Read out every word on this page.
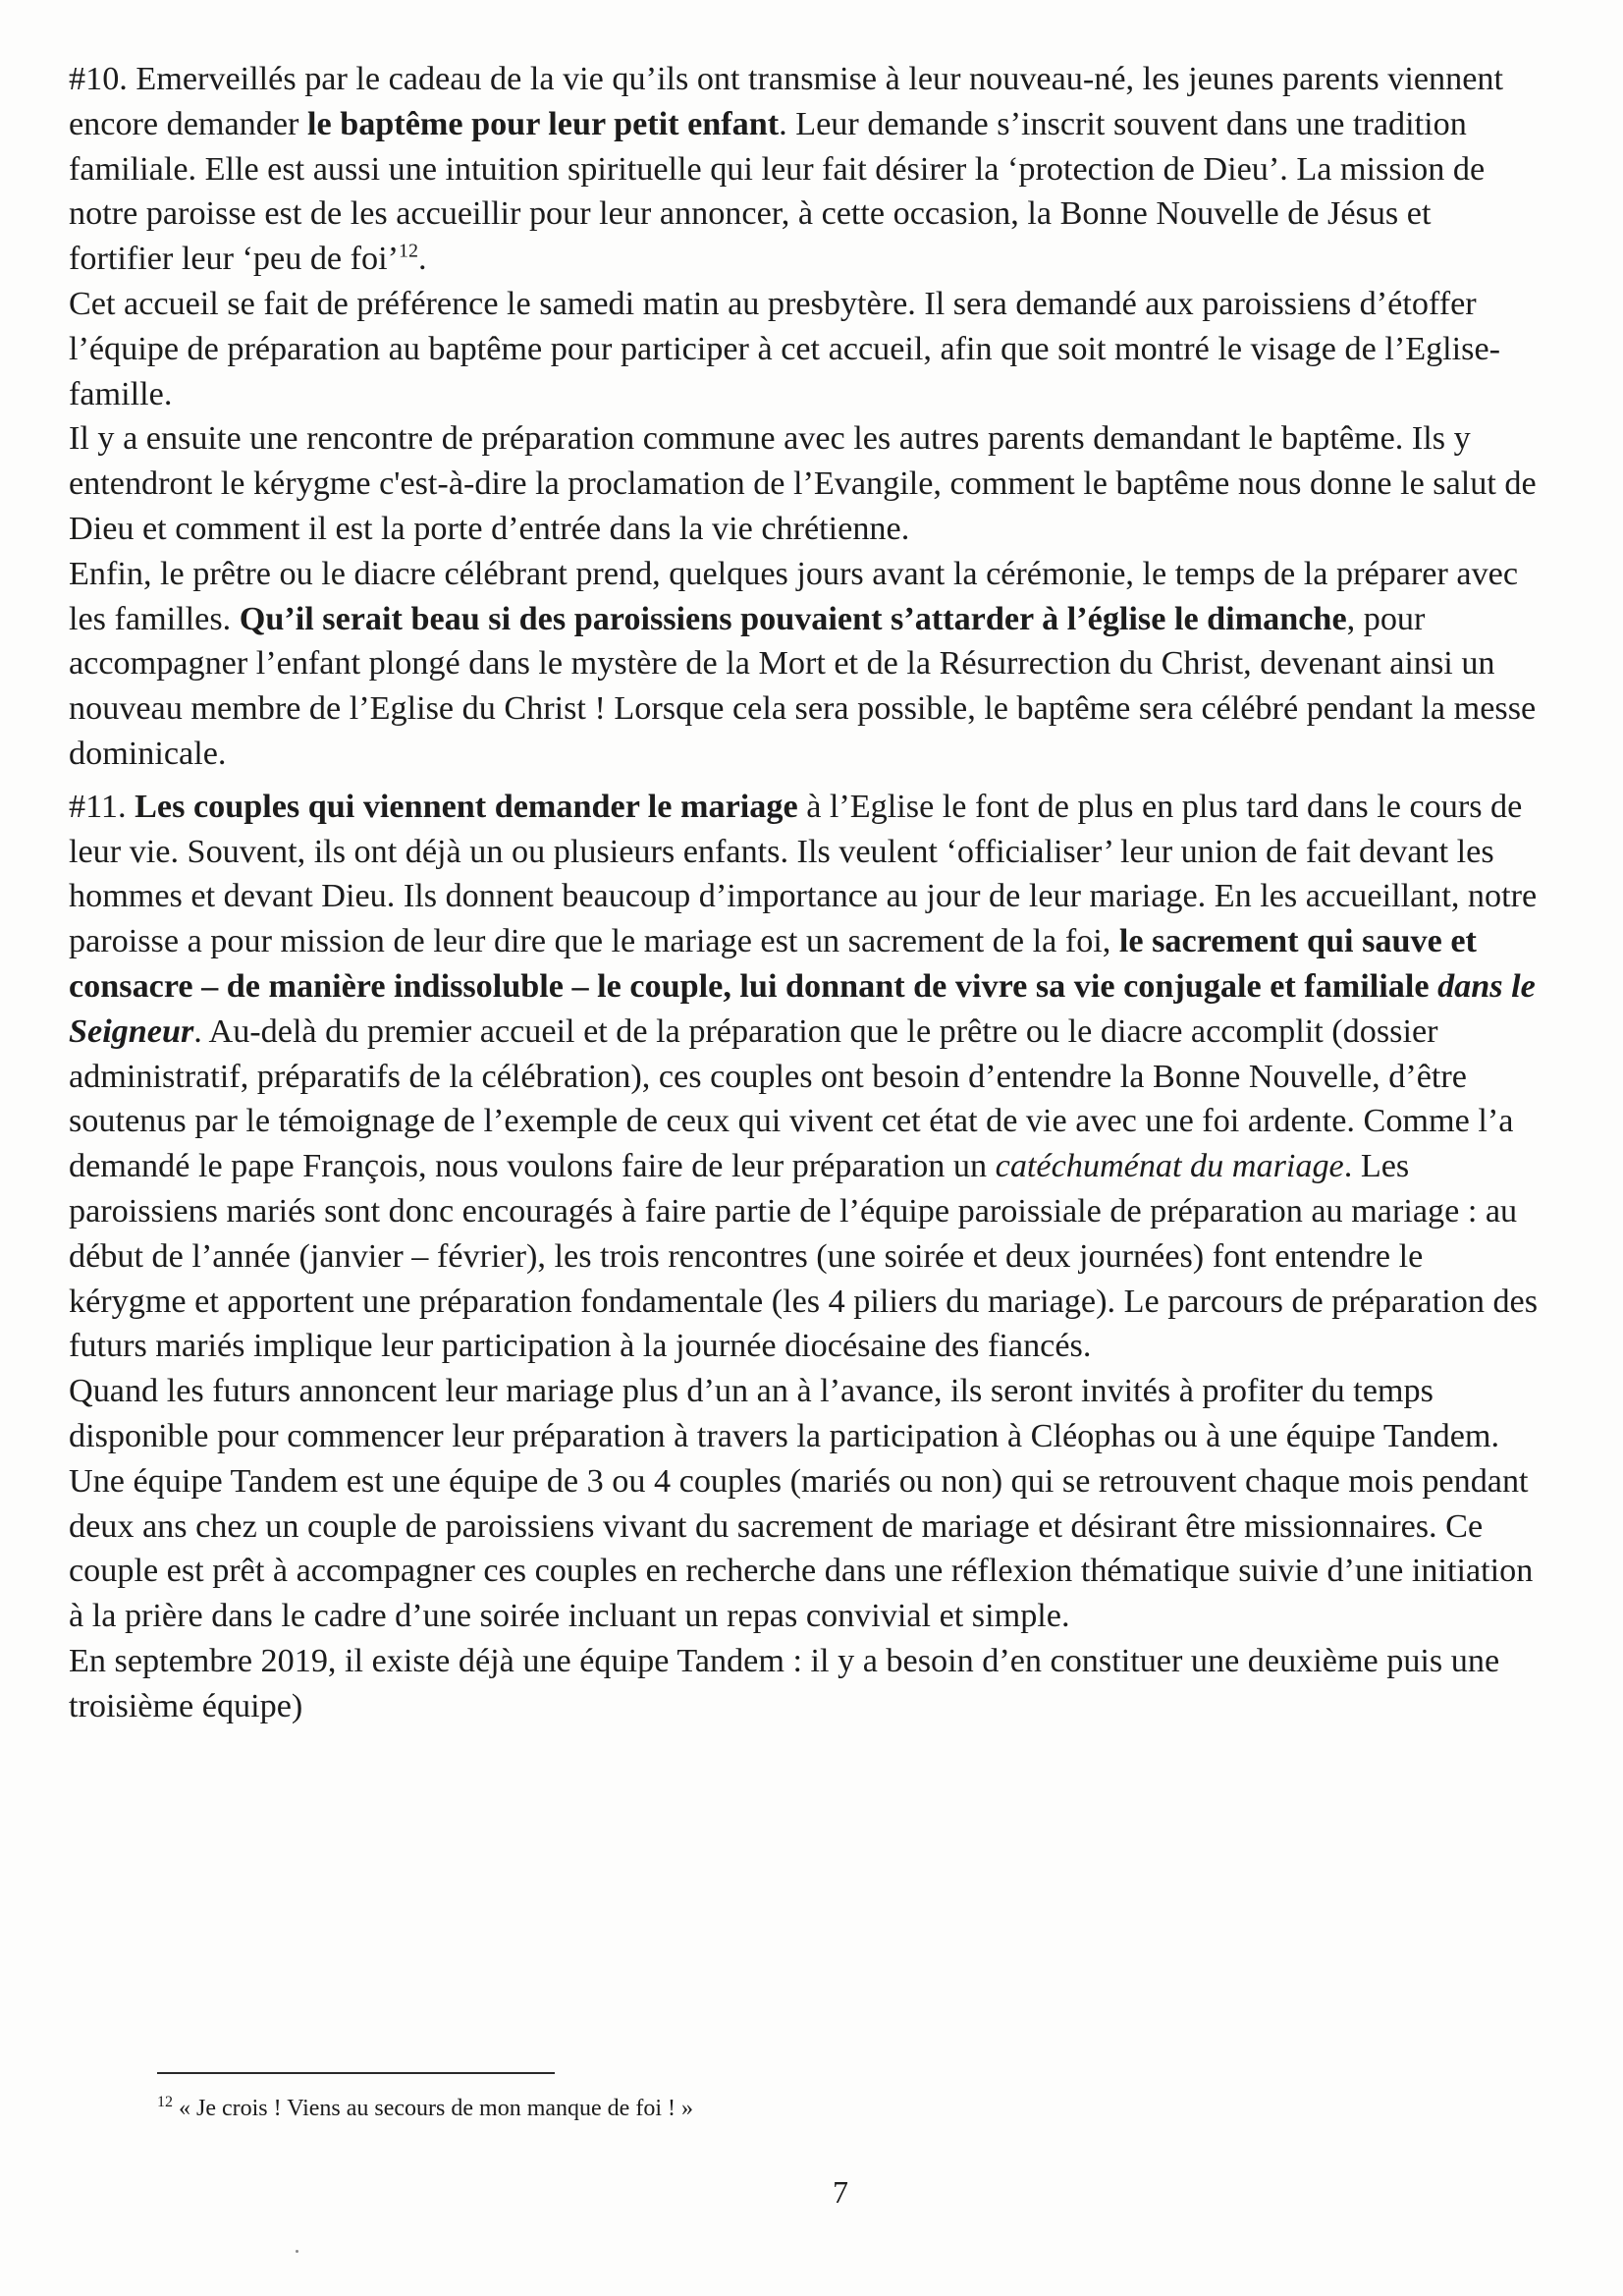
#10. Emerveillés par le cadeau de la vie qu’ils ont transmise à leur nouveau-né, les jeunes parents viennent encore demander le baptême pour leur petit enfant. Leur demande s’inscrit souvent dans une tradition familiale. Elle est aussi une intuition spirituelle qui leur fait désirer la ‘protection de Dieu’. La mission de notre paroisse est de les accueillir pour leur annoncer, à cette occasion, la Bonne Nouvelle de Jésus et fortifier leur ‘peu de foi’$^{12}$.

Cet accueil se fait de préférence le samedi matin au presbytère. Il sera demandé aux paroissiens d’étoffer l’équipe de préparation au baptême pour participer à cet accueil, afin que soit montré le visage de l’Eglise-famille.

Il y a ensuite une rencontre de préparation commune avec les autres parents demandant le baptême. Ils y entendront le kérygme c'est-à-dire la proclamation de l’Evangile, comment le baptême nous donne le salut de Dieu et comment il est la porte d’entrée dans la vie chrétienne.

Enfin, le prêtre ou le diacre célébrant prend, quelques jours avant la cérémonie, le temps de la préparer avec les familles. Qu’il serait beau si des paroissiens pouvaient s’attarder à l’église le dimanche, pour accompagner l’enfant plongé dans le mystère de la Mort et de la Résurrection du Christ, devenant ainsi un nouveau membre de l’Eglise du Christ ! Lorsque cela sera possible, le baptême sera célébré pendant la messe dominicale.

#11. Les couples qui viennent demander le mariage à l’Eglise le font de plus en plus tard dans le cours de leur vie. Souvent, ils ont déjà un ou plusieurs enfants. Ils veulent ‘officialiser’ leur union de fait devant les hommes et devant Dieu. Ils donnent beaucoup d’importance au jour de leur mariage. En les accueillant, notre paroisse a pour mission de leur dire que le mariage est un sacrement de la foi, le sacrement qui sauve et consacre – de manière indissoluble – le couple, lui donnant de vivre sa vie conjugale et familiale dans le Seigneur. Au-delà du premier accueil et de la préparation que le prêtre ou le diacre accomplit (dossier administratif, préparatifs de la célébration), ces couples ont besoin d’entendre la Bonne Nouvelle, d’être soutenus par le témoignage de l’exemple de ceux qui vivent cet état de vie avec une foi ardente. Comme l’a demandé le pape François, nous voulons faire de leur préparation un catéchuménat du mariage. Les paroissiens mariés sont donc encouragés à faire partie de l’équipe paroissiale de préparation au mariage : au début de l’année (janvier – février), les trois rencontres (une soirée et deux journées) font entendre le kérygme et apportent une préparation fondamentale (les 4 piliers du mariage). Le parcours de préparation des futurs mariés implique leur participation à la journée diocésaine des fiancés.

Quand les futurs annoncent leur mariage plus d’un an à l’avance, ils seront invités à profiter du temps disponible pour commencer leur préparation à travers la participation à Cléophas ou à une équipe Tandem. Une équipe Tandem est une équipe de 3 ou 4 couples (mariés ou non) qui se retrouvent chaque mois pendant deux ans chez un couple de paroissiens vivant du sacrement de mariage et désirant être missionnaires. Ce couple est prêt à accompagner ces couples en recherche dans une réflexion thématique suivie d’une initiation à la prière dans le cadre d’une soirée incluant un repas convivial et simple.

En septembre 2019, il existe déjà une équipe Tandem : il y a besoin d’en constituer une deuxième puis une troisième équipe)

$^{12}$ « Je crois ! Viens au secours de mon manque de foi ! »
7
